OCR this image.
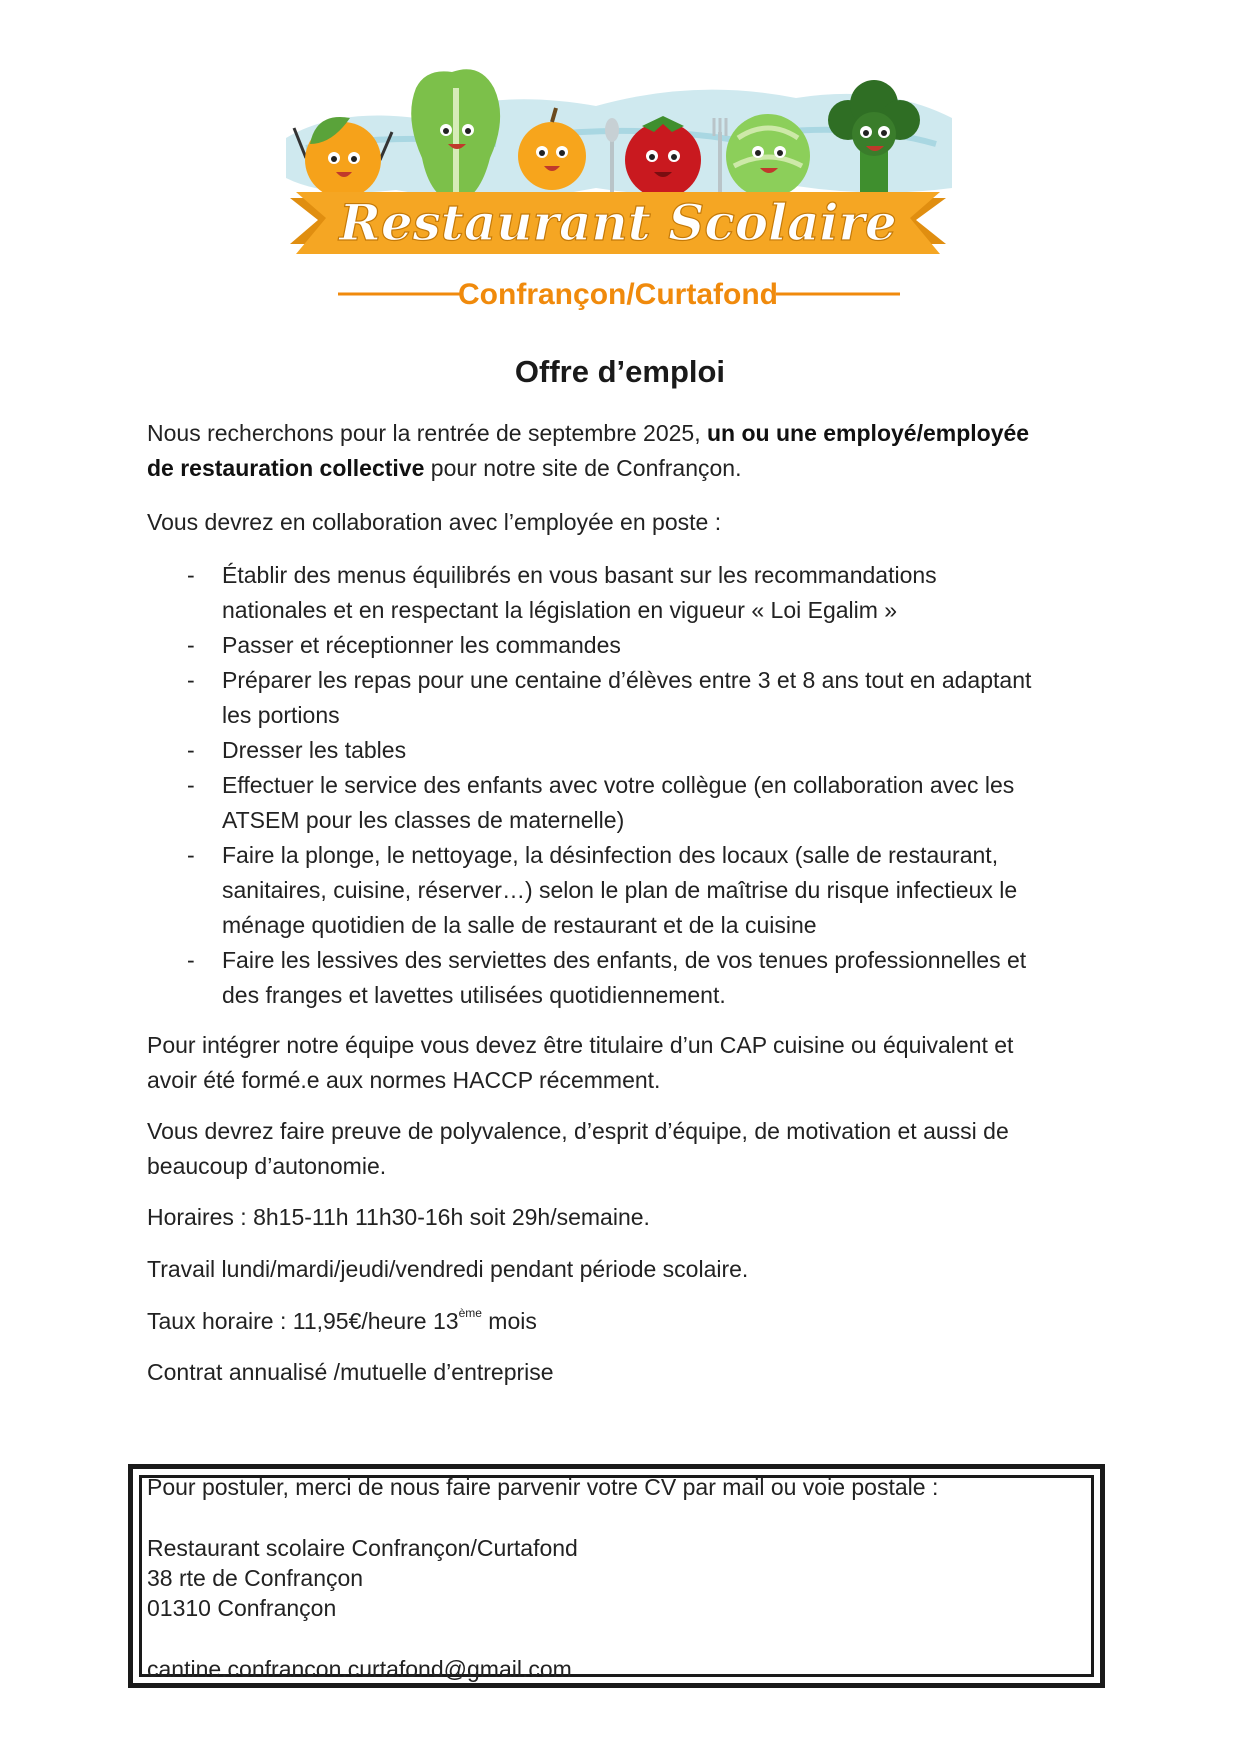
Restaurant Scolaire
Confrançon/Curtafond
Offre d’emploi

Nous recherchons pour la rentrée de septembre 2025, un ou une employé/employée
de restauration collective pour notre site de Confrançon.

Vous devrez en collaboration avec l’employée en poste :

- Établir des menus équilibrés en vous basant sur les recommandations
nationales et en respectant la législation en vigueur « Loi Egalim »
- Passer et réceptionner les commandes
- Préparer les repas pour une centaine d’élèves entre 3 et 8 ans tout en adaptant
les portions
- Dresser les tables
- Effectuer le service des enfants avec votre collègue (en collaboration avec les
ATSEM pour les classes de maternelle)
- Faire la plonge, le nettoyage, la désinfection des locaux (salle de restaurant,
sanitaires, cuisine, réserver…) selon le plan de maîtrise du risque infectieux le
ménage quotidien de la salle de restaurant et de la cuisine
- Faire les lessives des serviettes des enfants, de vos tenues professionnelles et
des franges et lavettes utilisées quotidiennement.

Pour intégrer notre équipe vous devez être titulaire d’un CAP cuisine ou équivalent et
avoir été formé.e aux normes HACCP récemment.

Vous devrez faire preuve de polyvalence, d’esprit d’équipe, de motivation et aussi de
beaucoup d’autonomie.

Horaires : 8h15-11h 11h30-16h soit 29h/semaine.

Travail lundi/mardi/jeudi/vendredi pendant période scolaire.

Taux horaire : 11,95€/heure 13ème mois

Contrat annualisé /mutuelle d’entreprise

Pour postuler, merci de nous faire parvenir votre CV par mail ou voie postale :

Restaurant scolaire Confrançon/Curtafond

38 rte de Confrançon

01310 Confrançon

cantine.confrancon.curtafond@gmail.com
